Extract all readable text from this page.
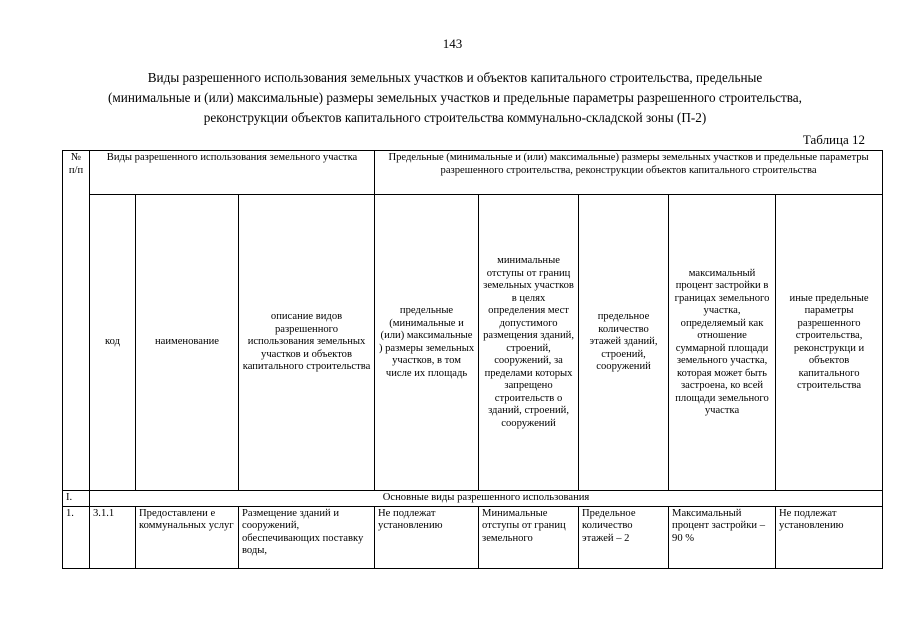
143
Виды разрешенного использования земельных участков и объектов капитального строительства, предельные
(минимальные и (или) максимальные) размеры земельных участков и предельные параметры разрешенного строительства,
реконструкции объектов капитального строительства коммунально-складской зоны (П-2)
Таблица 12
№ п/п	Виды разрешенного использования земельного участка			Предельные (минимальные и (или) максимальные) размеры земельных участков и предельные параметры разрешенного строительства, реконструкции объектов капитального строительства				
	код	наименование	описание видов разрешенного использования земельных участков и объектов капитального строительства	предельные (минимальные и (или) максимальные ) размеры земельных участков, в том числе их площадь	минимальные отступы от границ земельных участков в целях определения мест допустимого размещения зданий, строений, сооружений, за пределами которых запрещено строительств о зданий, строений, сооружений	предельное количество этажей зданий, строений, сооружений	максимальный процент застройки в границах земельного участка, определяемый как отношение суммарной площади земельного участка, которая может быть застроена, ко всей площади земельного участка	иные предельные параметры разрешенного строительства, реконструкци и объектов капитального строительства
I.	Основные виды разрешенного использования							
1.	3.1.1	Предоставлени е коммунальных услуг	Размещение зданий и сооружений, обеспечивающих поставку воды,	Не подлежат установлению	Минимальные отступы от границ земельного	Предельное количество этажей – 2	Максимальный процент застройки – 90 %	Не подлежат установлению
